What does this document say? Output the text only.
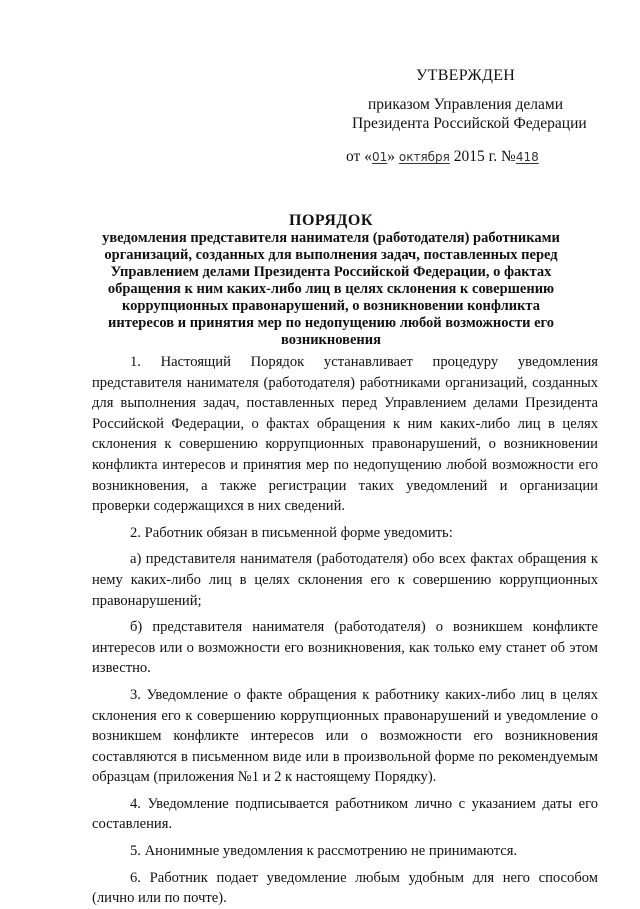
УТВЕРЖДЕН
приказом Управления делами
Президента Российской Федерации
от «01» октября 2015 г. №418
ПОРЯДОК
уведомления представителя нанимателя (работодателя) работниками организаций, созданных для выполнения задач, поставленных перед Управлением делами Президента Российской Федерации, о фактах обращения к ним каких-либо лиц в целях склонения к совершению коррупционных правонарушений, о возникновении конфликта интересов и принятия мер по недопущению любой возможности его возникновения

1. Настоящий Порядок устанавливает процедуру уведомления представителя нанимателя (работодателя) работниками организаций, созданных для выполнения задач, поставленных перед Управлением делами Президента Российской Федерации, о фактах обращения к ним каких-либо лиц в целях склонения к совершению коррупционных правонарушений, о возникновении конфликта интересов и принятия мер по недопущению любой возможности его возникновения, а также регистрации таких уведомлений и организации проверки содержащихся в них сведений.

2. Работник обязан в письменной форме уведомить:

а) представителя нанимателя (работодателя) обо всех фактах обращения к нему каких-либо лиц в целях склонения его к совершению коррупционных правонарушений;

б) представителя нанимателя (работодателя) о возникшем конфликте интересов или о возможности его возникновения, как только ему станет об этом известно.

3. Уведомление о факте обращения к работнику каких-либо лиц в целях склонения его к совершению коррупционных правонарушений и уведомление о возникшем конфликте интересов или о возможности его возникновения составляются в письменном виде или в произвольной форме по рекомендуемым образцам (приложения №1 и 2 к настоящему Порядку).

4. Уведомление подписывается работником лично с указанием даты его составления.

5. Анонимные уведомления к рассмотрению не принимаются.

6. Работник подает уведомление любым удобным для него способом (лично или по почте).
